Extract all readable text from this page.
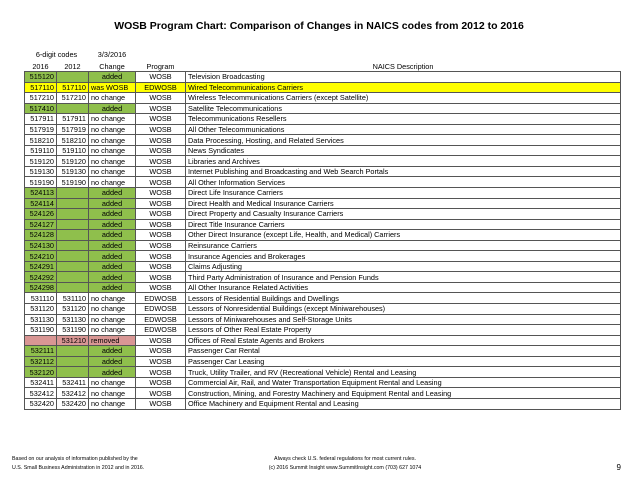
WOSB Program Chart: Comparison of Changes in NAICS codes from 2012 to 2016
6-digit codes		3/3/2016		
2016	2012	Change	Program	NAICS Description
515120		added	WOSB	Television Broadcasting
517110	517110	was WOSB	EDWOSB	Wired Telecommunications Carriers
517210	517210	no change	WOSB	Wireless Telecommunications Carriers (except Satellite)
517410		added	WOSB	Satellite Telecommunications
517911	517911	no change	WOSB	Telecommunications Resellers
517919	517919	no change	WOSB	All Other Telecommunications
518210	518210	no change	WOSB	Data Processing, Hosting, and Related Services
519110	519110	no change	WOSB	News Syndicates
519120	519120	no change	WOSB	Libraries and Archives
519130	519130	no change	WOSB	Internet Publishing and Broadcasting and Web Search Portals
519190	519190	no change	WOSB	All Other Information Services
524113		added	WOSB	Direct Life Insurance Carriers
524114		added	WOSB	Direct Health and Medical Insurance Carriers
524126		added	WOSB	Direct Property and Casualty Insurance Carriers
524127		added	WOSB	Direct Title Insurance Carriers
524128		added	WOSB	Other Direct Insurance (except Life, Health, and Medical) Carriers
524130		added	WOSB	Reinsurance Carriers
524210		added	WOSB	Insurance Agencies and Brokerages
524291		added	WOSB	Claims Adjusting
524292		added	WOSB	Third Party Administration of Insurance and Pension Funds
524298		added	WOSB	All Other Insurance Related Activities
531110	531110	no change	EDWOSB	Lessors of Residential Buildings and Dwellings
531120	531120	no change	EDWOSB	Lessors of Nonresidential Buildings (except Miniwarehouses)
531130	531130	no change	EDWOSB	Lessors of Miniwarehouses and Self-Storage Units
531190	531190	no change	EDWOSB	Lessors of Other Real Estate Property
	531210	removed	WOSB	Offices of Real Estate Agents and Brokers
532111		added	WOSB	Passenger Car Rental
532112		added	WOSB	Passenger Car Leasing
532120		added	WOSB	Truck, Utility Trailer, and RV (Recreational Vehicle) Rental and Leasing
532411	532411	no change	WOSB	Commercial Air, Rail, and Water Transportation Equipment Rental and Leasing
532412	532412	no change	WOSB	Construction, Mining, and Forestry Machinery and Equipment Rental and Leasing
532420	532420	no change	WOSB	Office Machinery and Equipment Rental and Leasing
Based on our analysis of information published by the
U.S. Small Business Administration in 2012 and in 2016.
Always check U.S. federal regulations for most current rules.
(c) 2016 Summit Insight www.SummitInsight.com (703) 627 1074	9
